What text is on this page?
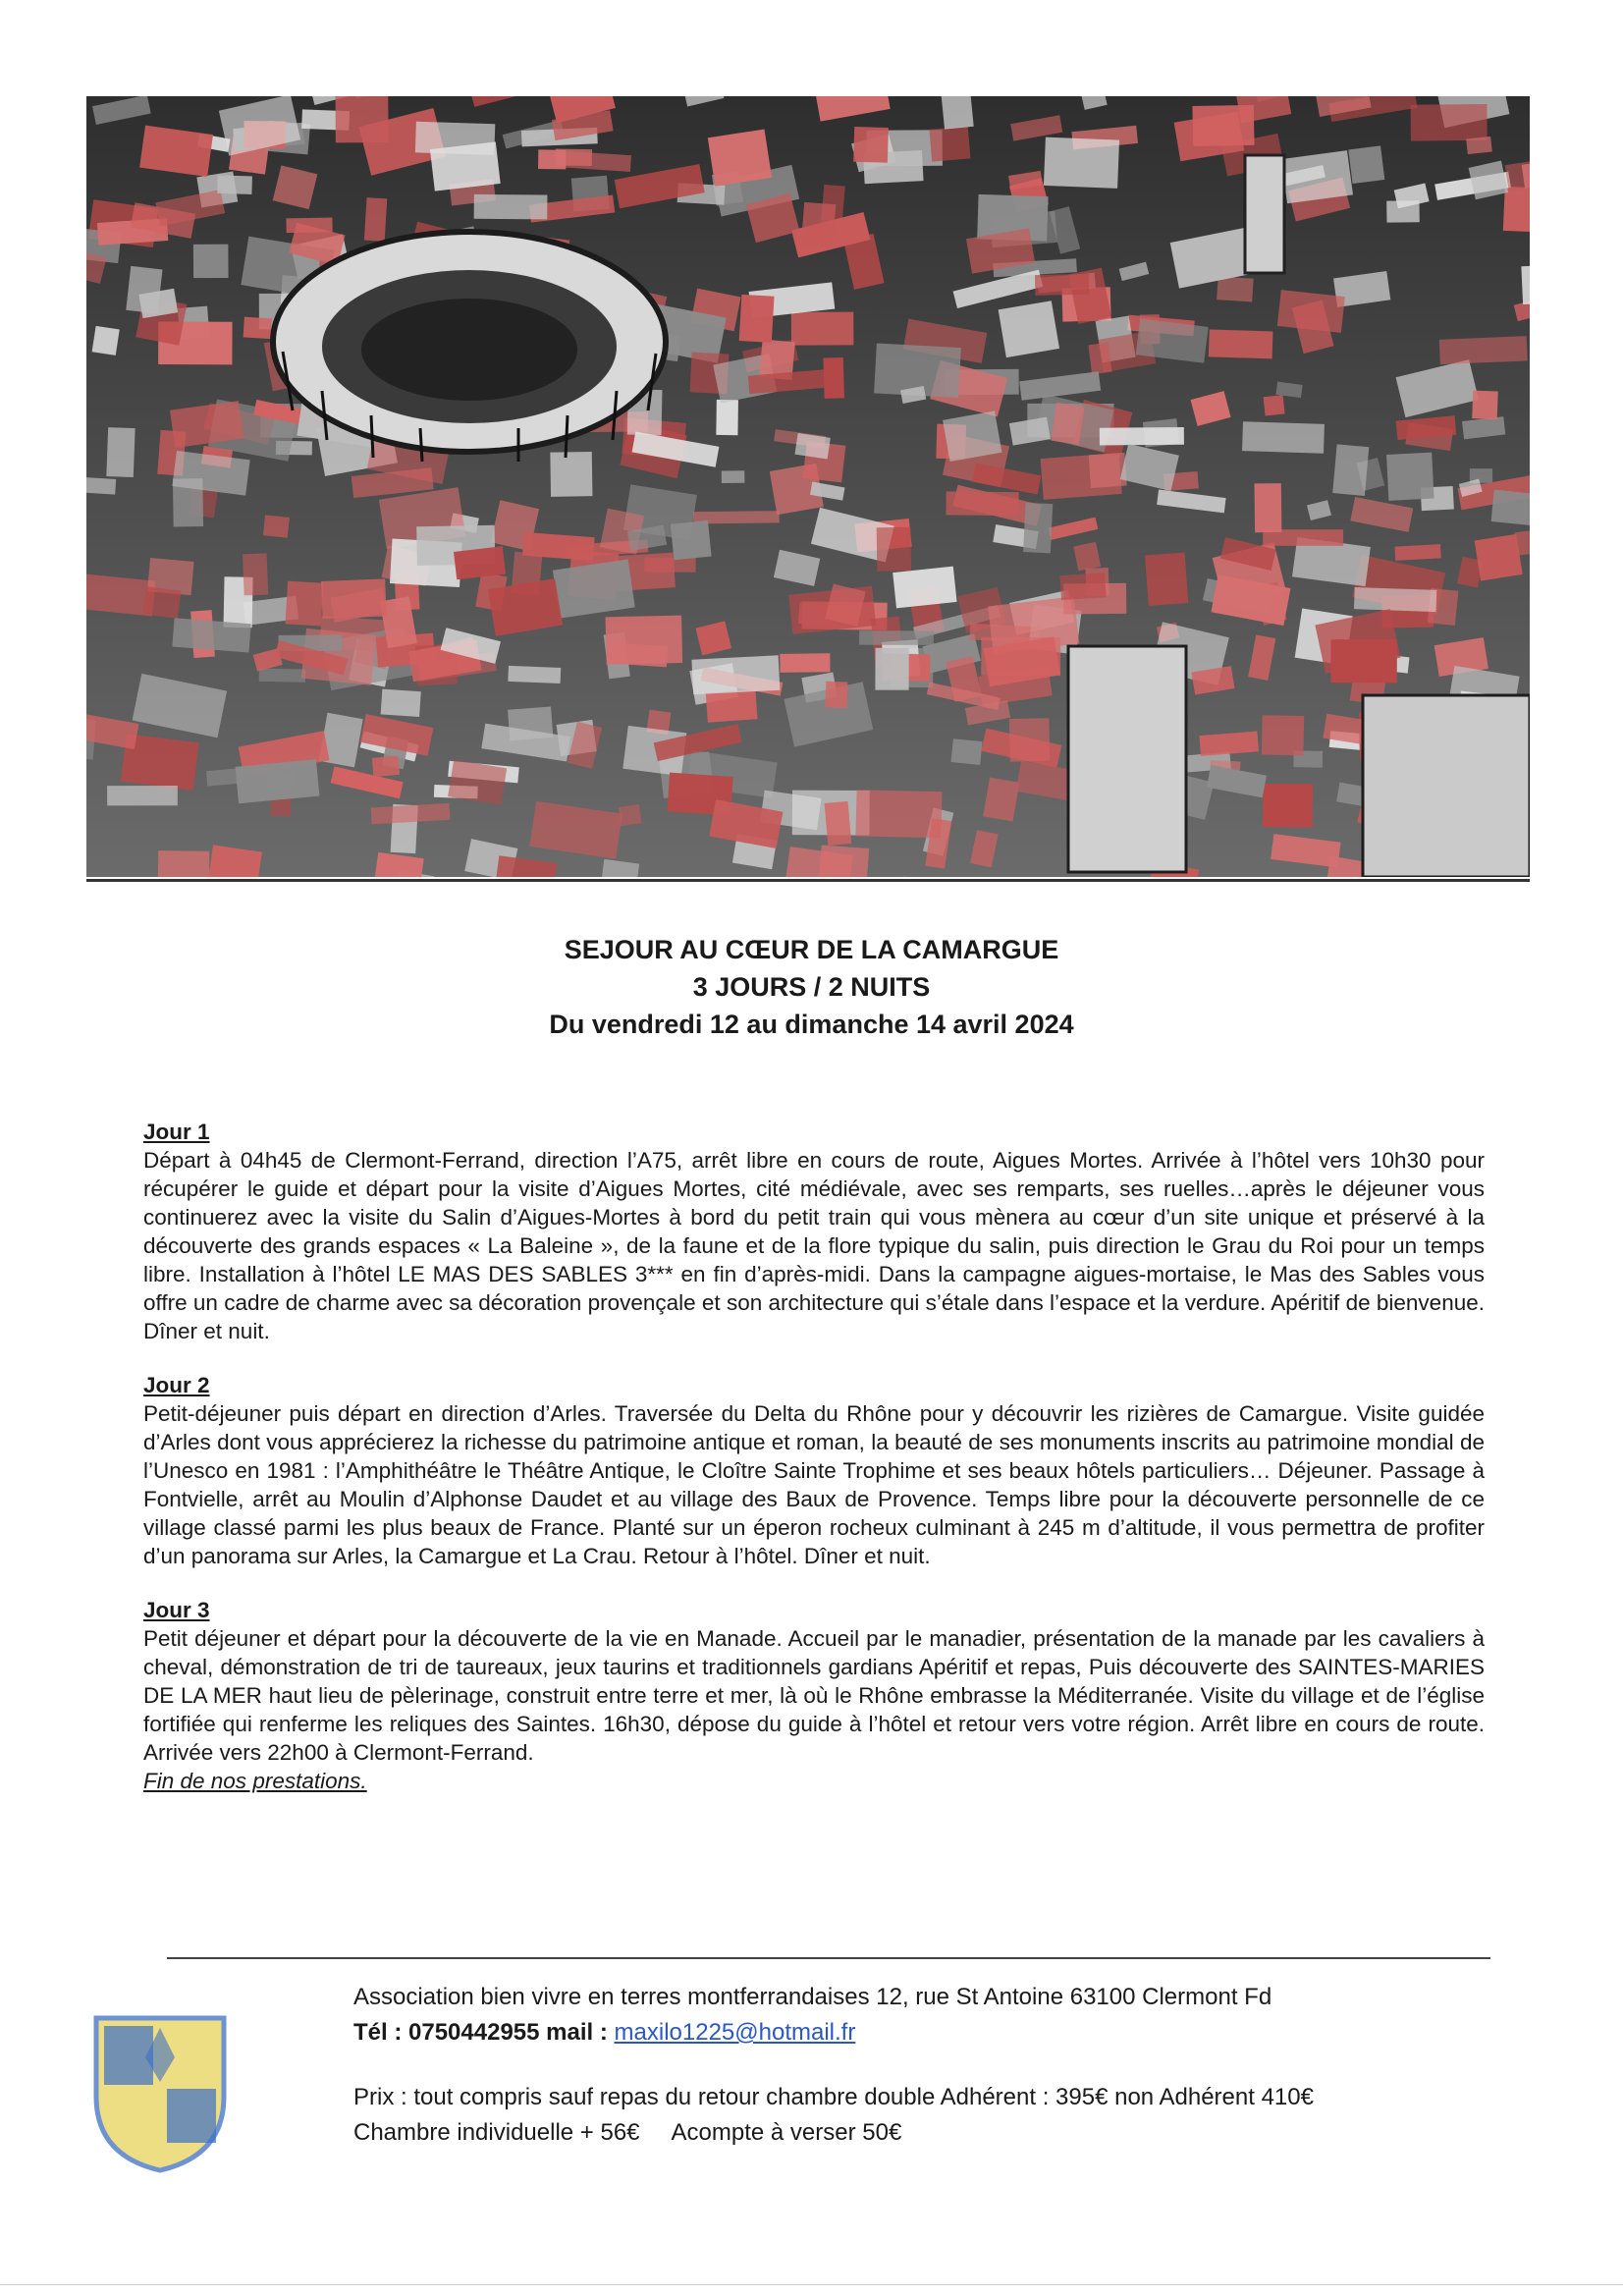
SEJOUR AU CŒUR DE LA CAMARGUE
3 JOURS / 2 NUITS
Du vendredi 12 au dimanche 14 avril 2024

Jour 1

Départ à 04h45 de Clermont-Ferrand, direction l’A75, arrêt libre en cours de route, Aigues Mortes. Arrivée à l’hôtel vers 10h30 pour récupérer le guide et départ pour la visite d’Aigues Mortes, cité médiévale, avec ses remparts, ses ruelles…après le déjeuner vous continuerez avec la visite du Salin d’Aigues-Mortes à bord du petit train qui vous mènera au cœur d’un site unique et préservé à la découverte des grands espaces « La Baleine », de la faune et de la flore typique du salin, puis direction le Grau du Roi pour un temps libre. Installation à l’hôtel LE MAS DES SABLES 3*** en fin d’après-midi. Dans la campagne aigues-mortaise, le Mas des Sables vous offre un cadre de charme avec sa décoration provençale et son architecture qui s’étale dans l’espace et la verdure. Apéritif de bienvenue. Dîner et nuit.

Jour 2

Petit-déjeuner puis départ en direction d’Arles. Traversée du Delta du Rhône pour y découvrir les rizières de Camargue. Visite guidée d’Arles dont vous apprécierez la richesse du patrimoine antique et roman, la beauté de ses monuments inscrits au patrimoine mondial de l’Unesco en 1981 : l’Amphithéâtre le Théâtre Antique, le Cloître Sainte Trophime et ses beaux hôtels particuliers… Déjeuner. Passage à Fontvielle, arrêt au Moulin d’Alphonse Daudet et au village des Baux de Provence. Temps libre pour la découverte personnelle de ce village classé parmi les plus beaux de France. Planté sur un éperon rocheux culminant à 245 m d’altitude, il vous permettra de profiter d’un panorama sur Arles, la Camargue et La Crau. Retour à l’hôtel. Dîner et nuit.

Jour 3

Petit déjeuner et départ pour la découverte de la vie en Manade. Accueil par le manadier, présentation de la manade par les cavaliers à cheval, démonstration de tri de taureaux, jeux taurins et traditionnels gardians Apéritif et repas, Puis découverte des SAINTES-MARIES DE LA MER haut lieu de pèlerinage, construit entre terre et mer, là où le Rhône embrasse la Méditerranée. Visite du village et de l’église fortifiée qui renferme les reliques des Saintes. 16h30, dépose du guide à l’hôtel et retour vers votre région. Arrêt libre en cours de route. Arrivée vers 22h00 à Clermont-Ferrand.

Fin de nos prestations.

Association bien vivre en terres montferrandaises 12, rue St Antoine 63100 Clermont Fd

Tél : 0750442955 mail : maxilo1225@hotmail.fr

Prix : tout compris sauf repas du retour chambre double Adhérent : 395€ non Adhérent 410€

Chambre individuelle + 56€     Acompte à verser 50€
